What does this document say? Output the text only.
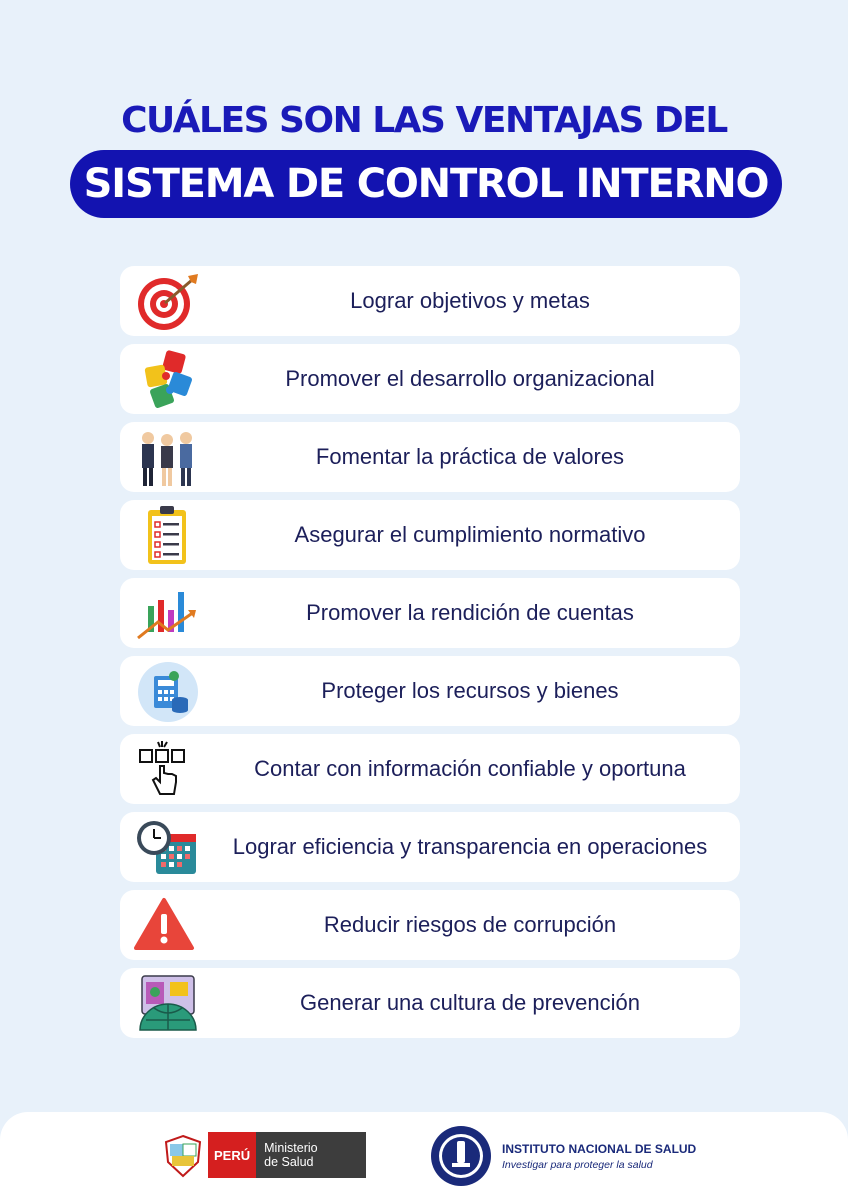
CUÁLES SON LAS VENTAJAS DEL
SISTEMA DE CONTROL INTERNO
Lograr objetivos y metas
Promover el desarrollo organizacional
Fomentar la práctica de valores
Asegurar el cumplimiento normativo
Promover la rendición de cuentas
Proteger los recursos y bienes
Contar con información confiable y oportuna
Lograr eficiencia y transparencia en operaciones
Reducir riesgos de corrupción
Generar una cultura de prevención
PERÚ	Ministerio
de Salud
INSTITUTO NACIONAL DE SALUD
Investigar para proteger la salud
